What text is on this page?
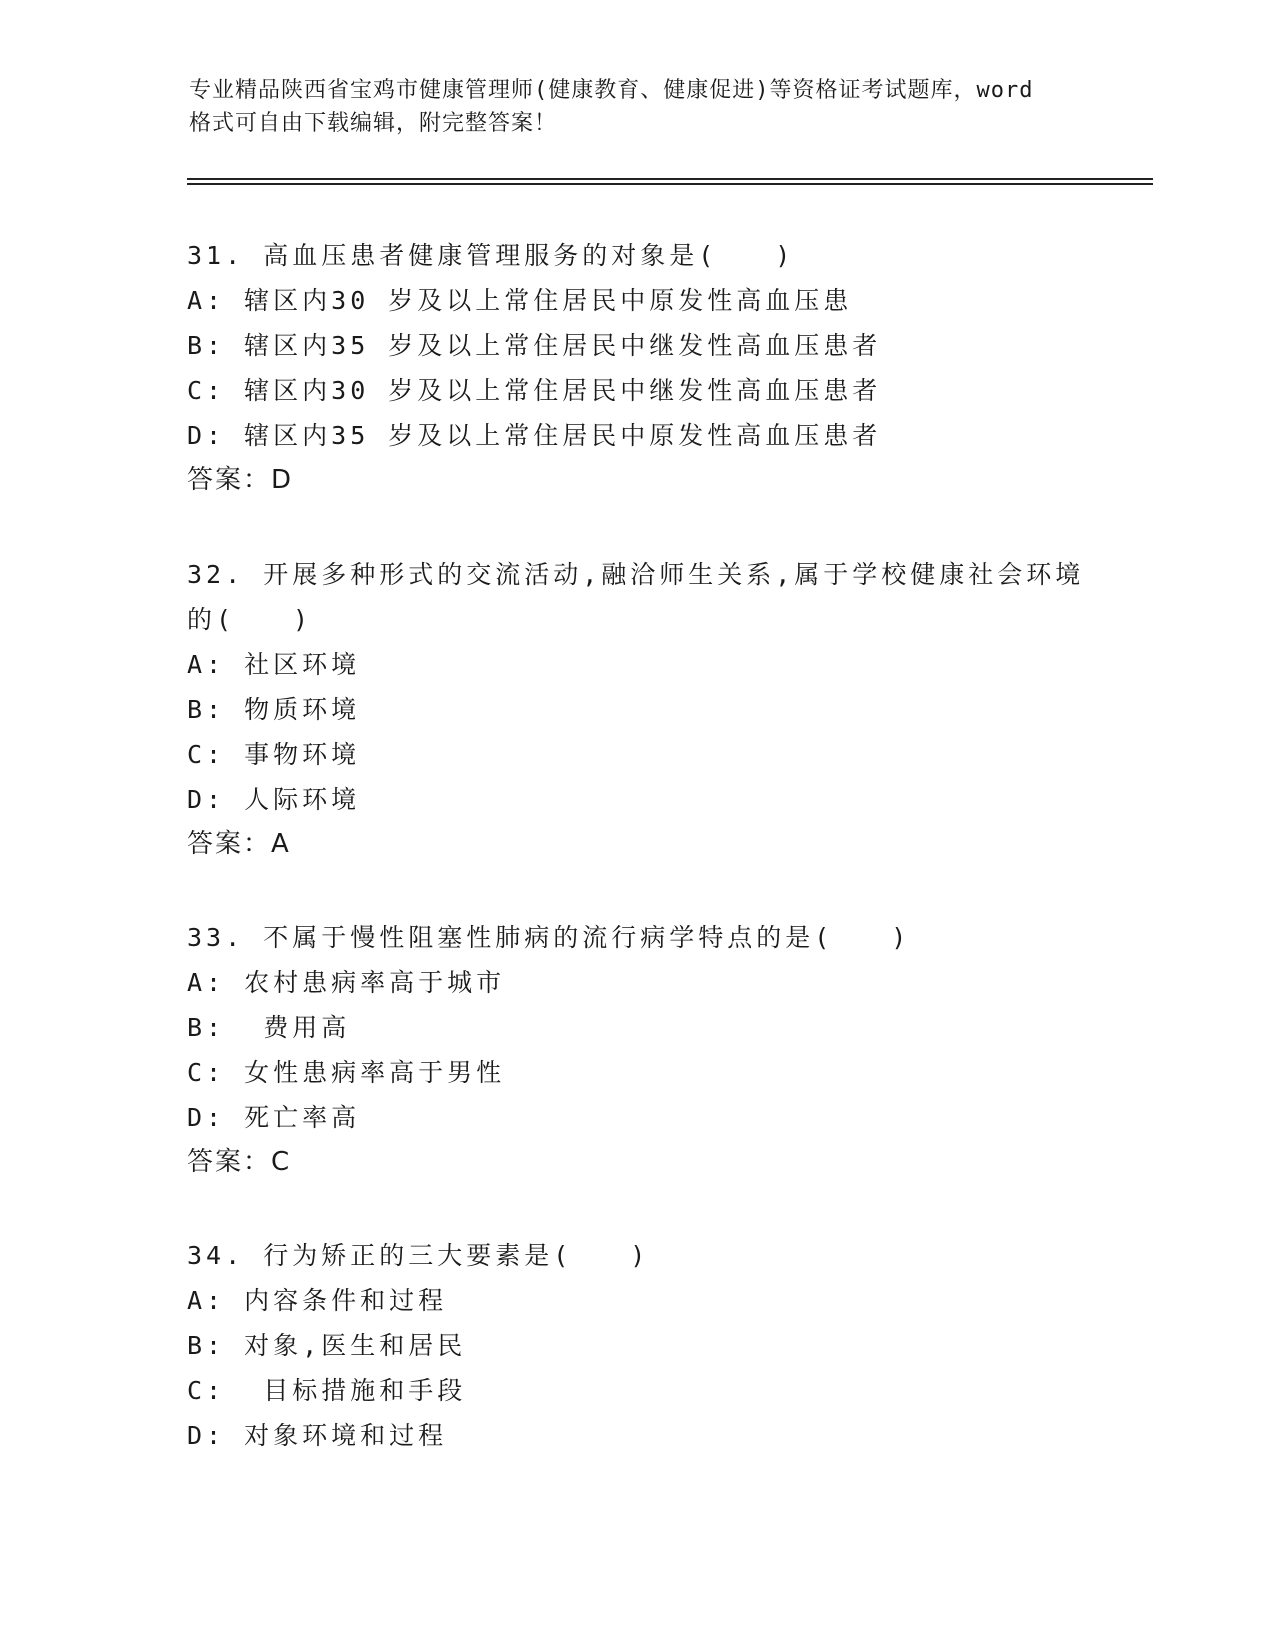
专业精品陕西省宝鸡市健康管理师(健康教育、健康促进)等资格证考试题库，word
格式可自由下载编辑，附完整答案！

31. 高血压患者健康管理服务的对象是(　　)

A: 辖区内30 岁及以上常住居民中原发性高血压患

B: 辖区内35 岁及以上常住居民中继发性高血压患者

C: 辖区内30 岁及以上常住居民中继发性高血压患者

D: 辖区内35 岁及以上常住居民中原发性高血压患者

答案：D

32. 开展多种形式的交流活动,融洽师生关系,属于学校健康社会环境

的(　　)

A: 社区环境

B: 物质环境

C: 事物环境

D: 人际环境

答案：A

33. 不属于慢性阻塞性肺病的流行病学特点的是(　　)

A: 农村患病率高于城市

B:  费用高

C: 女性患病率高于男性

D: 死亡率高

答案：C

34. 行为矫正的三大要素是(　　)

A: 内容条件和过程

B: 对象,医生和居民

C:  目标措施和手段

D: 对象环境和过程
